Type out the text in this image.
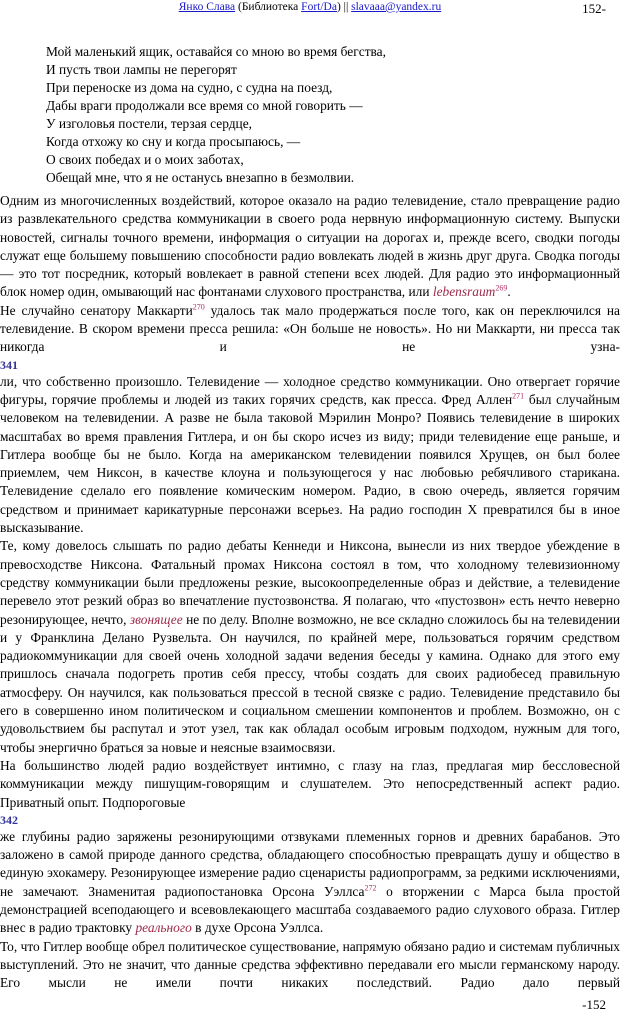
Янко Слава (Библиотека Fort/Da) || slavaaa@yandex.ru	152-
Мой маленький ящик, оставайся со мною во время бегства,
И пусть твои лампы не перегорят
При переноске из дома на судно, с судна на поезд,
Дабы враги продолжали все время со мной говорить —
У изголовья постели, терзая сердце,
Когда отхожу ко сну и когда просыпаюсь, —
О своих победах и о моих заботах,
Обещай мне, что я не останусь внезапно в безмолвии.

Одним из многочисленных воздействий, которое оказало на радио телевидение, стало превращение радио из развлекательного средства коммуникации в своего рода нервную информационную систему. Выпуски новостей, сигналы точного времени, информация о ситуации на дорогах и, прежде всего, сводки погоды служат еще большему повышению способности радио вовлекать людей в жизнь друг друга. Сводка погоды — это тот посредник, который вовлекает в равной степени всех людей. Для радио это информационный блок номер один, омывающий нас фонтанами слухового пространства, или lebensraum$^{269}$.

Не случайно сенатору Маккарти$^{270}$ удалось так мало продержаться после того, как он переключился на телевидение. В скором времени пресса решила: «Он больше не новость». Но ни Маккарти, ни пресса так никогда и не узна-

341

ли, что собственно произошло. Телевидение — холодное средство коммуникации. Оно отвергает горячие фигуры, горячие проблемы и людей из таких горячих средств, как пресса. Фред Аллен$^{271}$ был случайным человеком на телевидении. А разве не была таковой Мэрилин Монро? Появись телевидение в широких масштабах во время правления Гитлера, и он бы скоро исчез из виду; приди телевидение еще раньше, и Гитлера вообще бы не было. Когда на американском телевидении появился Хрущев, он был более приемлем, чем Никсон, в качестве клоуна и пользующегося у нас любовью ребячливого старикана. Телевидение сделало его появление комическим номером. Радио, в свою очередь, является горячим средством и принимает карикатурные персонажи всерьез. На радио господин X превратился бы в иное высказывание.

Те, кому довелось слышать по радио дебаты Кеннеди и Никсона, вынесли из них твердое убеждение в превосходстве Никсона. Фатальный промах Никсона состоял в том, что холодному телевизионному средству коммуникации были предложены резкие, высокоопределенные образ и действие, а телевидение перевело этот резкий образ во впечатление пустозвонства. Я полагаю, что «пустозвон» есть нечто неверно резонирующее, нечто, звонящее не по делу. Вполне возможно, не все складно сложилось бы на телевидении и у Франклина Делано Рузвельта. Он научился, по крайней мере, пользоваться горячим средством радиокоммуникации для своей очень холодной задачи ведения беседы у камина. Однако для этого ему пришлось сначала подогреть против себя прессу, чтобы создать для своих радиобесед правильную атмосферу. Он научился, как пользоваться прессой в тесной связке с радио. Телевидение представило бы его в совершенно ином политическом и социальном смешении компонентов и проблем. Возможно, он с удовольствием бы распутал и этот узел, так как обладал особым игровым подходом, нужным для того, чтобы энергично браться за новые и неясные взаимосвязи.

На большинство людей радио воздействует интимно, с глазу на глаз, предлагая мир бессловесной коммуникации между пишущим-говорящим и слушателем. Это непосредственный аспект радио. Приватный опыт. Подпороговые

342

же глубины радио заряжены резонирующими отзвуками племенных горнов и древних барабанов. Это заложено в самой природе данного средства, обладающего способностью превращать душу и общество в единую эхокамеру. Резонирующее измерение радио сценаристы радиопрограмм, за редкими исключениями, не замечают. Знаменитая радиопостановка Орсона Уэллса$^{272}$ о вторжении с Марса была простой демонстрацией всеподающего и всевовлекающего масштаба создаваемого радио слухового образа. Гитлер внес в радио трактовку реального в духе Орсона Уэллса.

То, что Гитлер вообще обрел политическое существование, напрямую обязано радио и системам публичных выступлений. Это не значит, что данные средства эффективно передавали его мысли германскому народу. Его мысли не имели почти никаких последствий. Радио дало первый

-152
